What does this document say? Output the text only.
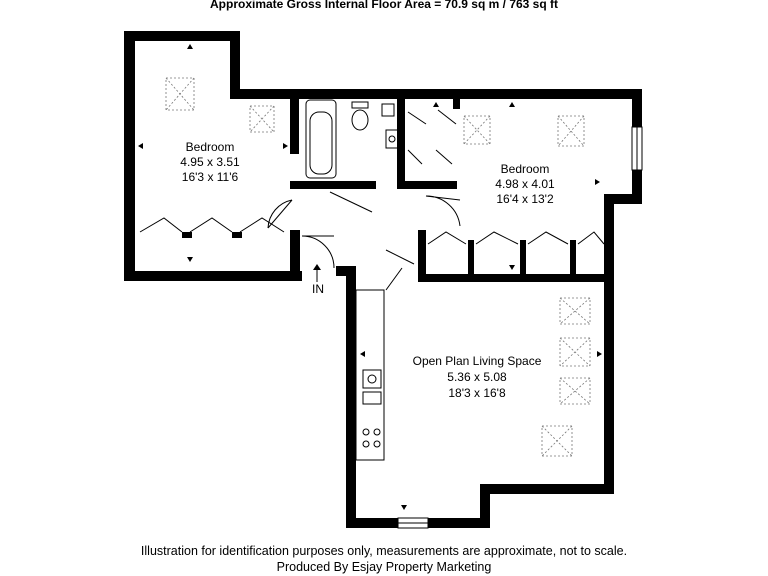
Approximate Gross Internal Floor Area = 70.9 sq m / 763 sq ft
Bedroom
4.95 x 3.51
16'3 x 11'6
Bedroom
4.98 x 4.01
16'4 x 13'2
Open Plan Living Space
5.36 x 5.08
18'3 x 16'8
IN
Illustration for identification purposes only, measurements are approximate, not to scale.
Produced By Esjay Property Marketing
